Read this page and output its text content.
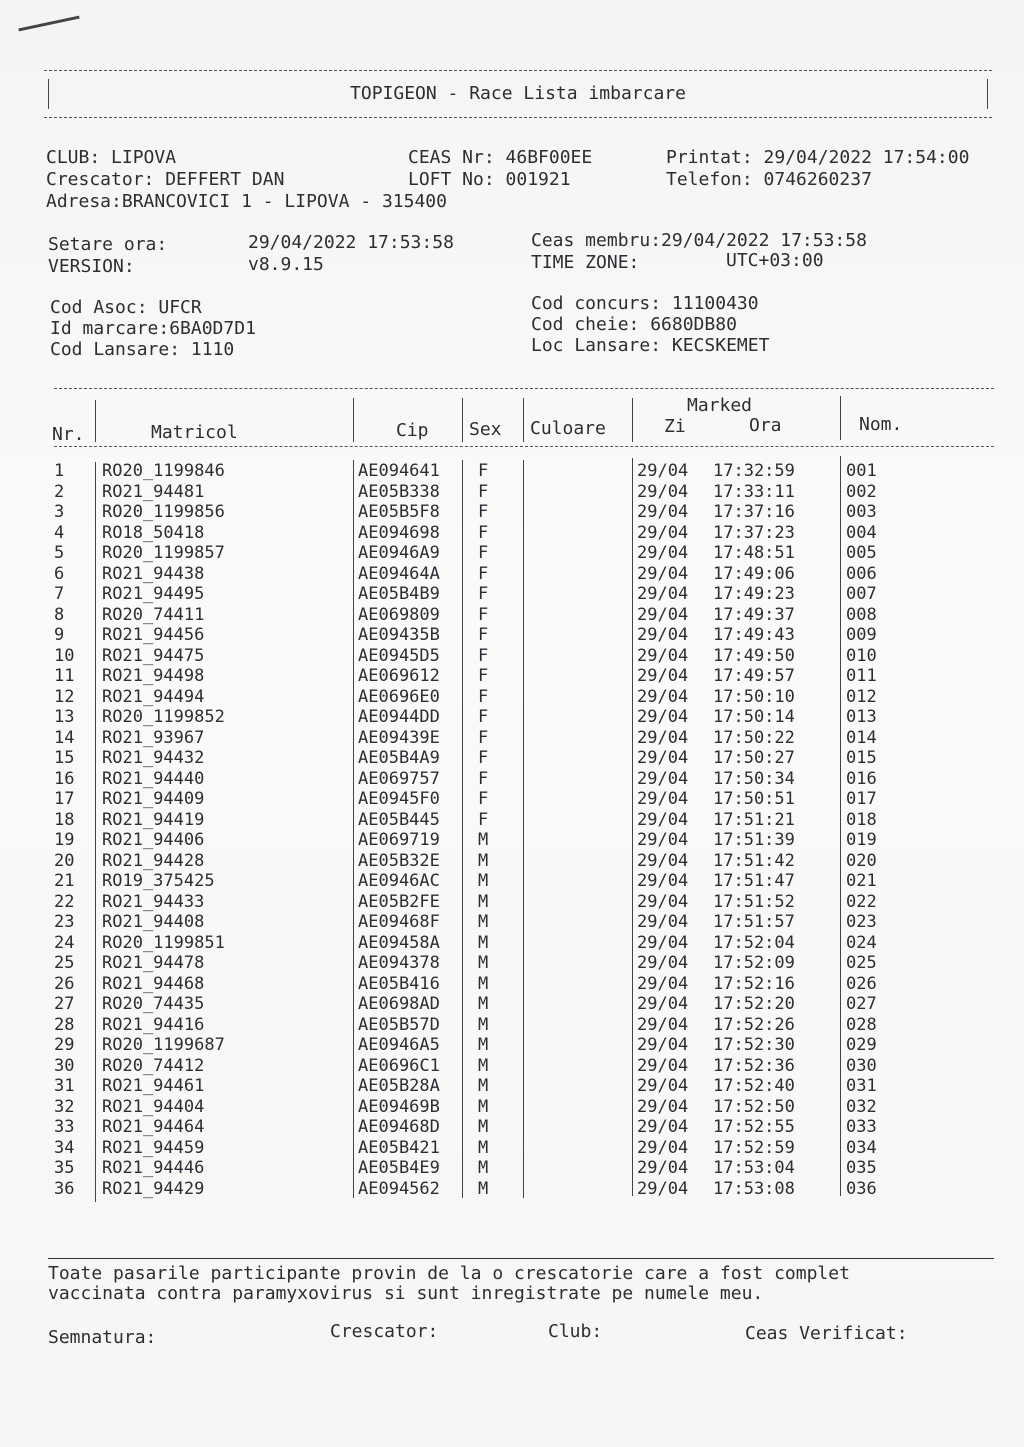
TOPIGEON - Race Lista imbarcare
CLUB: LIPOVA
Crescator: DEFFERT DAN
Adresa:BRANCOVICI 1 - LIPOVA - 315400
CEAS Nr: 46BF00EE
LOFT No: 001921
Printat: 29/04/2022 17:54:00
Telefon: 0746260237
Setare ora:	29/04/2022 17:53:58
VERSION:	v8.9.15
Ceas membru:29/04/2022 17:53:58
TIME ZONE:	UTC+03:00
Cod Asoc: UFCR
Id marcare:6BA0D7D1
Cod Lansare: 1110
Cod concurs: 11100430
Cod cheie: 6680DB80
Loc Lansare: KECSKEMET
Nr.	Matricol	Cip Sex Culoare
Marked
Zi	Ora	Nom.
1 RO20_1199846	AE094641 F	29/04 17:32:59	001
2 RO21_94481	AE05B338 F	29/04 17:33:11	002
3 RO20_1199856	AE05B5F8 F	29/04 17:37:16	003
4 RO18_50418	AE094698 F	29/04 17:37:23	004
5 RO20_1199857	AE0946A9 F	29/04 17:48:51	005
6 RO21_94438	AE09464A F	29/04 17:49:06	006
7 RO21_94495	AE05B4B9 F	29/04 17:49:23	007
8 RO20_74411	AE069809 F	29/04 17:49:37	008
9 RO21_94456	AE09435B F	29/04 17:49:43	009
10 RO21_94475	AE0945D5 F	29/04 17:49:50	010
11 RO21_94498	AE069612 F	29/04 17:49:57	011
12 RO21_94494	AE0696E0 F	29/04 17:50:10	012
13 RO20_1199852	AE0944DD F	29/04 17:50:14	013
14 RO21_93967	AE09439E F	29/04 17:50:22	014
15 RO21_94432	AE05B4A9 F	29/04 17:50:27	015
16 RO21_94440	AE069757 F	29/04 17:50:34	016
17 RO21_94409	AE0945F0 F	29/04 17:50:51	017
18 RO21_94419	AE05B445 F	29/04 17:51:21	018
19 RO21_94406	AE069719 M	29/04 17:51:39	019
20 RO21_94428	AE05B32E M	29/04 17:51:42	020
21 RO19_375425	AE0946AC M	29/04 17:51:47	021
22 RO21_94433	AE05B2FE M	29/04 17:51:52	022
23 RO21_94408	AE09468F M	29/04 17:51:57	023
24 RO20_1199851	AE09458A M	29/04 17:52:04	024
25 RO21_94478	AE094378 M	29/04 17:52:09	025
26 RO21_94468	AE05B416 M	29/04 17:52:16	026
27 RO20_74435	AE0698AD M	29/04 17:52:20	027
28 RO21_94416	AE05B57D M	29/04 17:52:26	028
29 RO20_1199687	AE0946A5 M	29/04 17:52:30	029
30 RO20_74412	AE0696C1 M	29/04 17:52:36	030
31 RO21_94461	AE05B28A M	29/04 17:52:40	031
32 RO21_94404	AE09469B M	29/04 17:52:50	032
33 RO21_94464	AE09468D M	29/04 17:52:55	033
34 RO21_94459	AE05B421 M	29/04 17:52:59	034
35 RO21_94446	AE05B4E9 M	29/04 17:53:04	035
36 RO21_94429	AE094562 M	29/04 17:53:08	036
Toate pasarile participante provin de la o crescatorie care a fost complet
vaccinata contra paramyxovirus si sunt inregistrate pe numele meu.
Semnatura:	Crescator:	Club:	Ceas Verificat:
